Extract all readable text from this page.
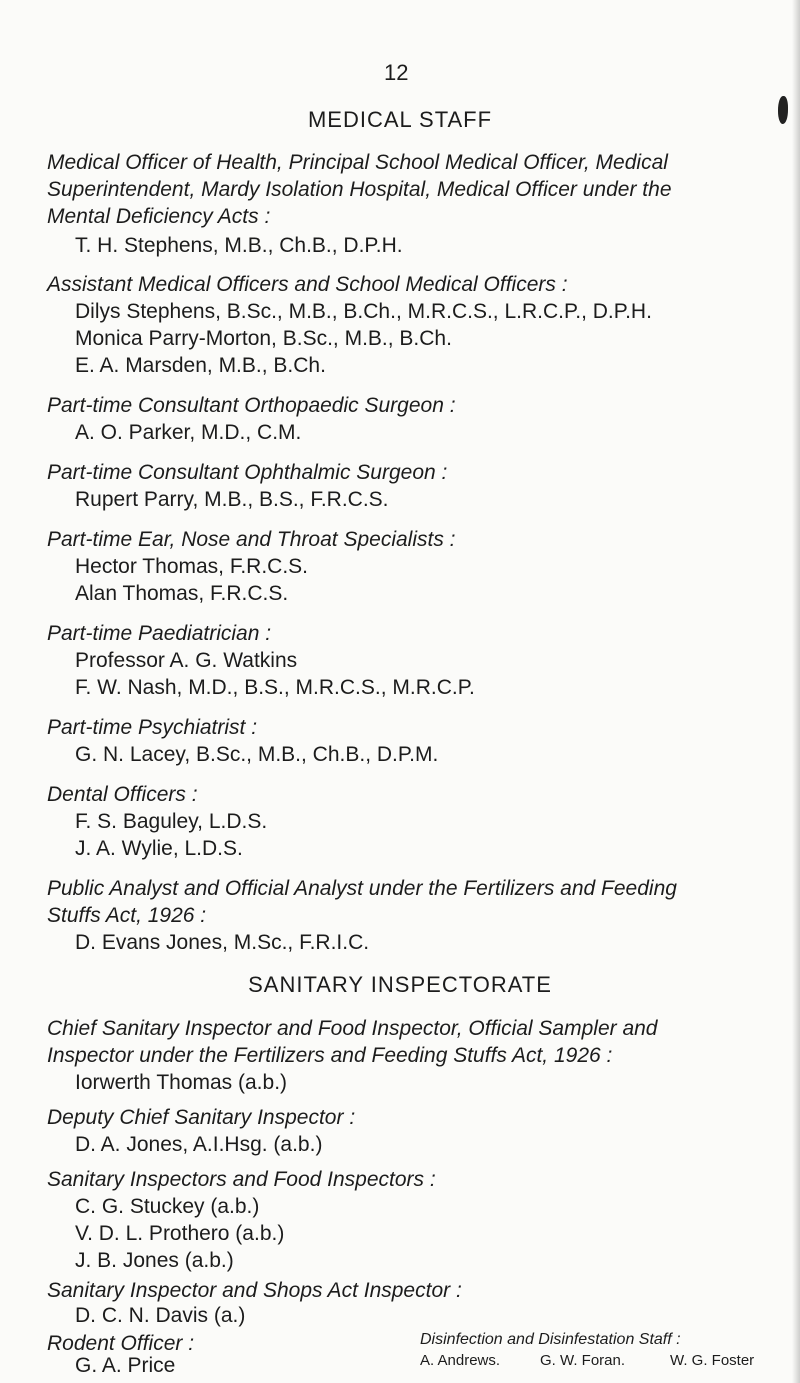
12
MEDICAL STAFF
Medical Officer of Health, Principal School Medical Officer, Medical
Superintendent, Mardy Isolation Hospital, Medical Officer under the
Mental Deficiency Acts :
T. H. Stephens, M.B., Ch.B., D.P.H.
Assistant Medical Officers and School Medical Officers :
Dilys Stephens, B.Sc., M.B., B.Ch., M.R.C.S., L.R.C.P., D.P.H.
Monica Parry-Morton, B.Sc., M.B., B.Ch.
E. A. Marsden, M.B., B.Ch.
Part-time Consultant Orthopaedic Surgeon :
A. O. Parker, M.D., C.M.
Part-time Consultant Ophthalmic Surgeon :
Rupert Parry, M.B., B.S., F.R.C.S.
Part-time Ear, Nose and Throat Specialists :
Hector Thomas, F.R.C.S.
Alan Thomas, F.R.C.S.
Part-time Paediatrician :
Professor A. G. Watkins
F. W. Nash, M.D., B.S., M.R.C.S., M.R.C.P.
Part-time Psychiatrist :
G. N. Lacey, B.Sc., M.B., Ch.B., D.P.M.
Dental Officers :
F. S. Baguley, L.D.S.
J. A. Wylie, L.D.S.
Public Analyst and Official Analyst under the Fertilizers and Feeding
Stuffs Act, 1926 :
D. Evans Jones, M.Sc., F.R.I.C.
SANITARY INSPECTORATE
Chief Sanitary Inspector and Food Inspector, Official Sampler and
Inspector under the Fertilizers and Feeding Stuffs Act, 1926 :
Iorwerth Thomas (a.b.)
Deputy Chief Sanitary Inspector :
D. A. Jones, A.I.Hsg. (a.b.)
Sanitary Inspectors and Food Inspectors :
C. G. Stuckey (a.b.)
V. D. L. Prothero (a.b.)
J. B. Jones (a.b.)
Sanitary Inspector and Shops Act Inspector :
D. C. N. Davis (a.)
Rodent Officer :
G. A. Price
Disinfection and Disinfestation Staff :
A. Andrews.	G. W. Foran.	W. G. Foster
